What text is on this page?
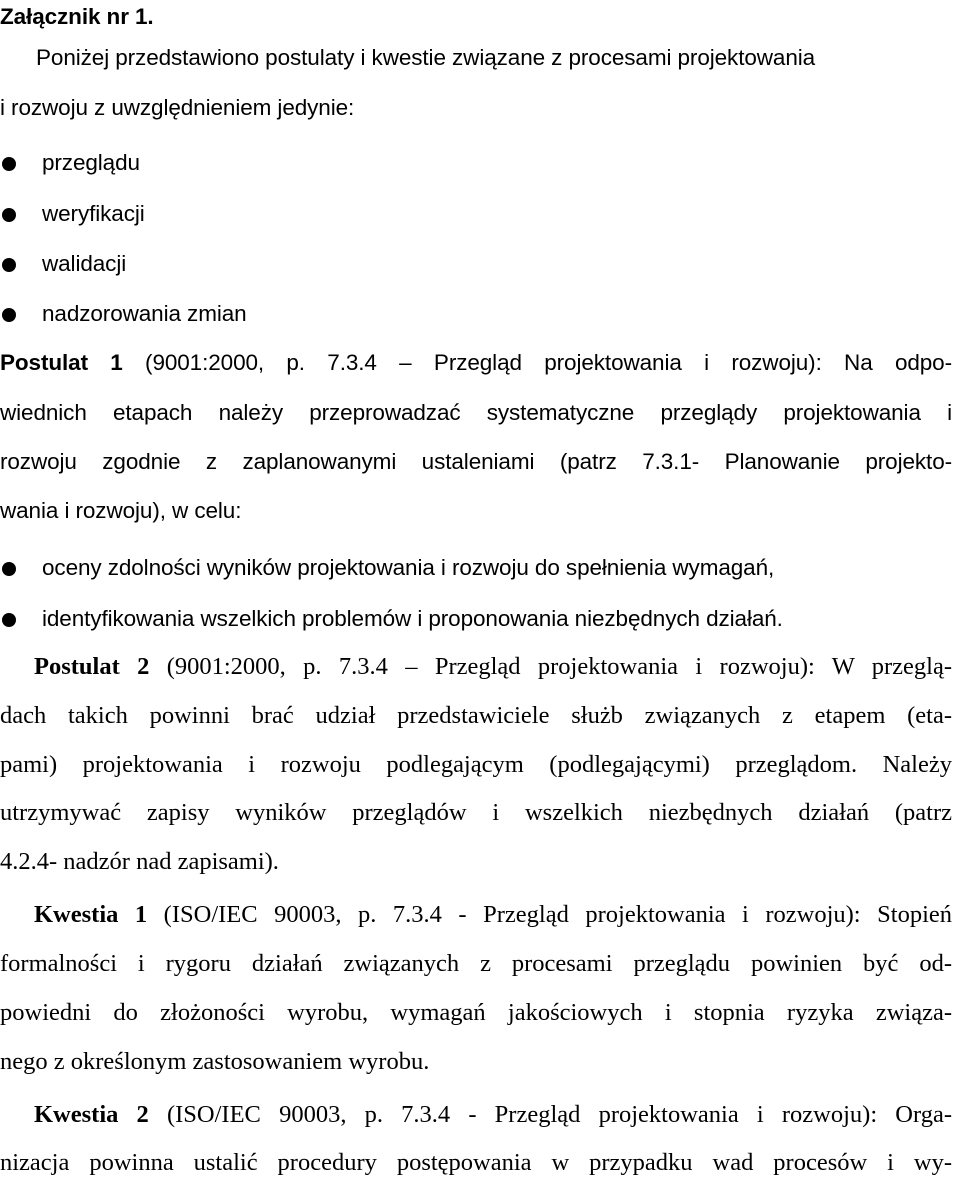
Załącznik nr 1.
Poniżej przedstawiono postulaty i kwestie związane z procesami projektowania
i rozwoju z uwzględnieniem jedynie:
przeglądu
weryfikacji
walidacji
nadzorowania zmian
Postulat 1 (9001:2000, p. 7.3.4 – Przegląd projektowania i rozwoju): Na odpo-
wiednich etapach należy przeprowadzać systematyczne przeglądy projektowania i
rozwoju zgodnie z zaplanowanymi ustaleniami (patrz 7.3.1- Planowanie projekto-
wania i rozwoju), w celu:
oceny zdolności wyników projektowania i rozwoju do spełnienia wymagań,
identyfikowania wszelkich problemów i proponowania niezbędnych działań.
Postulat 2 (9001:2000, p. 7.3.4 – Przegląd projektowania i rozwoju): W przeglą-
dach takich powinni brać udział przedstawiciele służb związanych z etapem (eta-
pami) projektowania i rozwoju podlegającym (podlegającymi) przeglądom. Należy
utrzymywać zapisy wyników przeglądów i wszelkich niezbędnych działań (patrz
4.2.4- nadzór nad zapisami).
Kwestia 1 (ISO/IEC 90003, p. 7.3.4 - Przegląd projektowania i rozwoju): Stopień
formalności i rygoru działań związanych z procesami przeglądu powinien być od-
powiedni do złożoności wyrobu, wymagań jakościowych i stopnia ryzyka związa-
nego z określonym zastosowaniem wyrobu.
Kwestia 2 (ISO/IEC 90003, p. 7.3.4 - Przegląd projektowania i rozwoju): Orga-
nizacja powinna ustalić procedury postępowania w przypadku wad procesów i wy-
